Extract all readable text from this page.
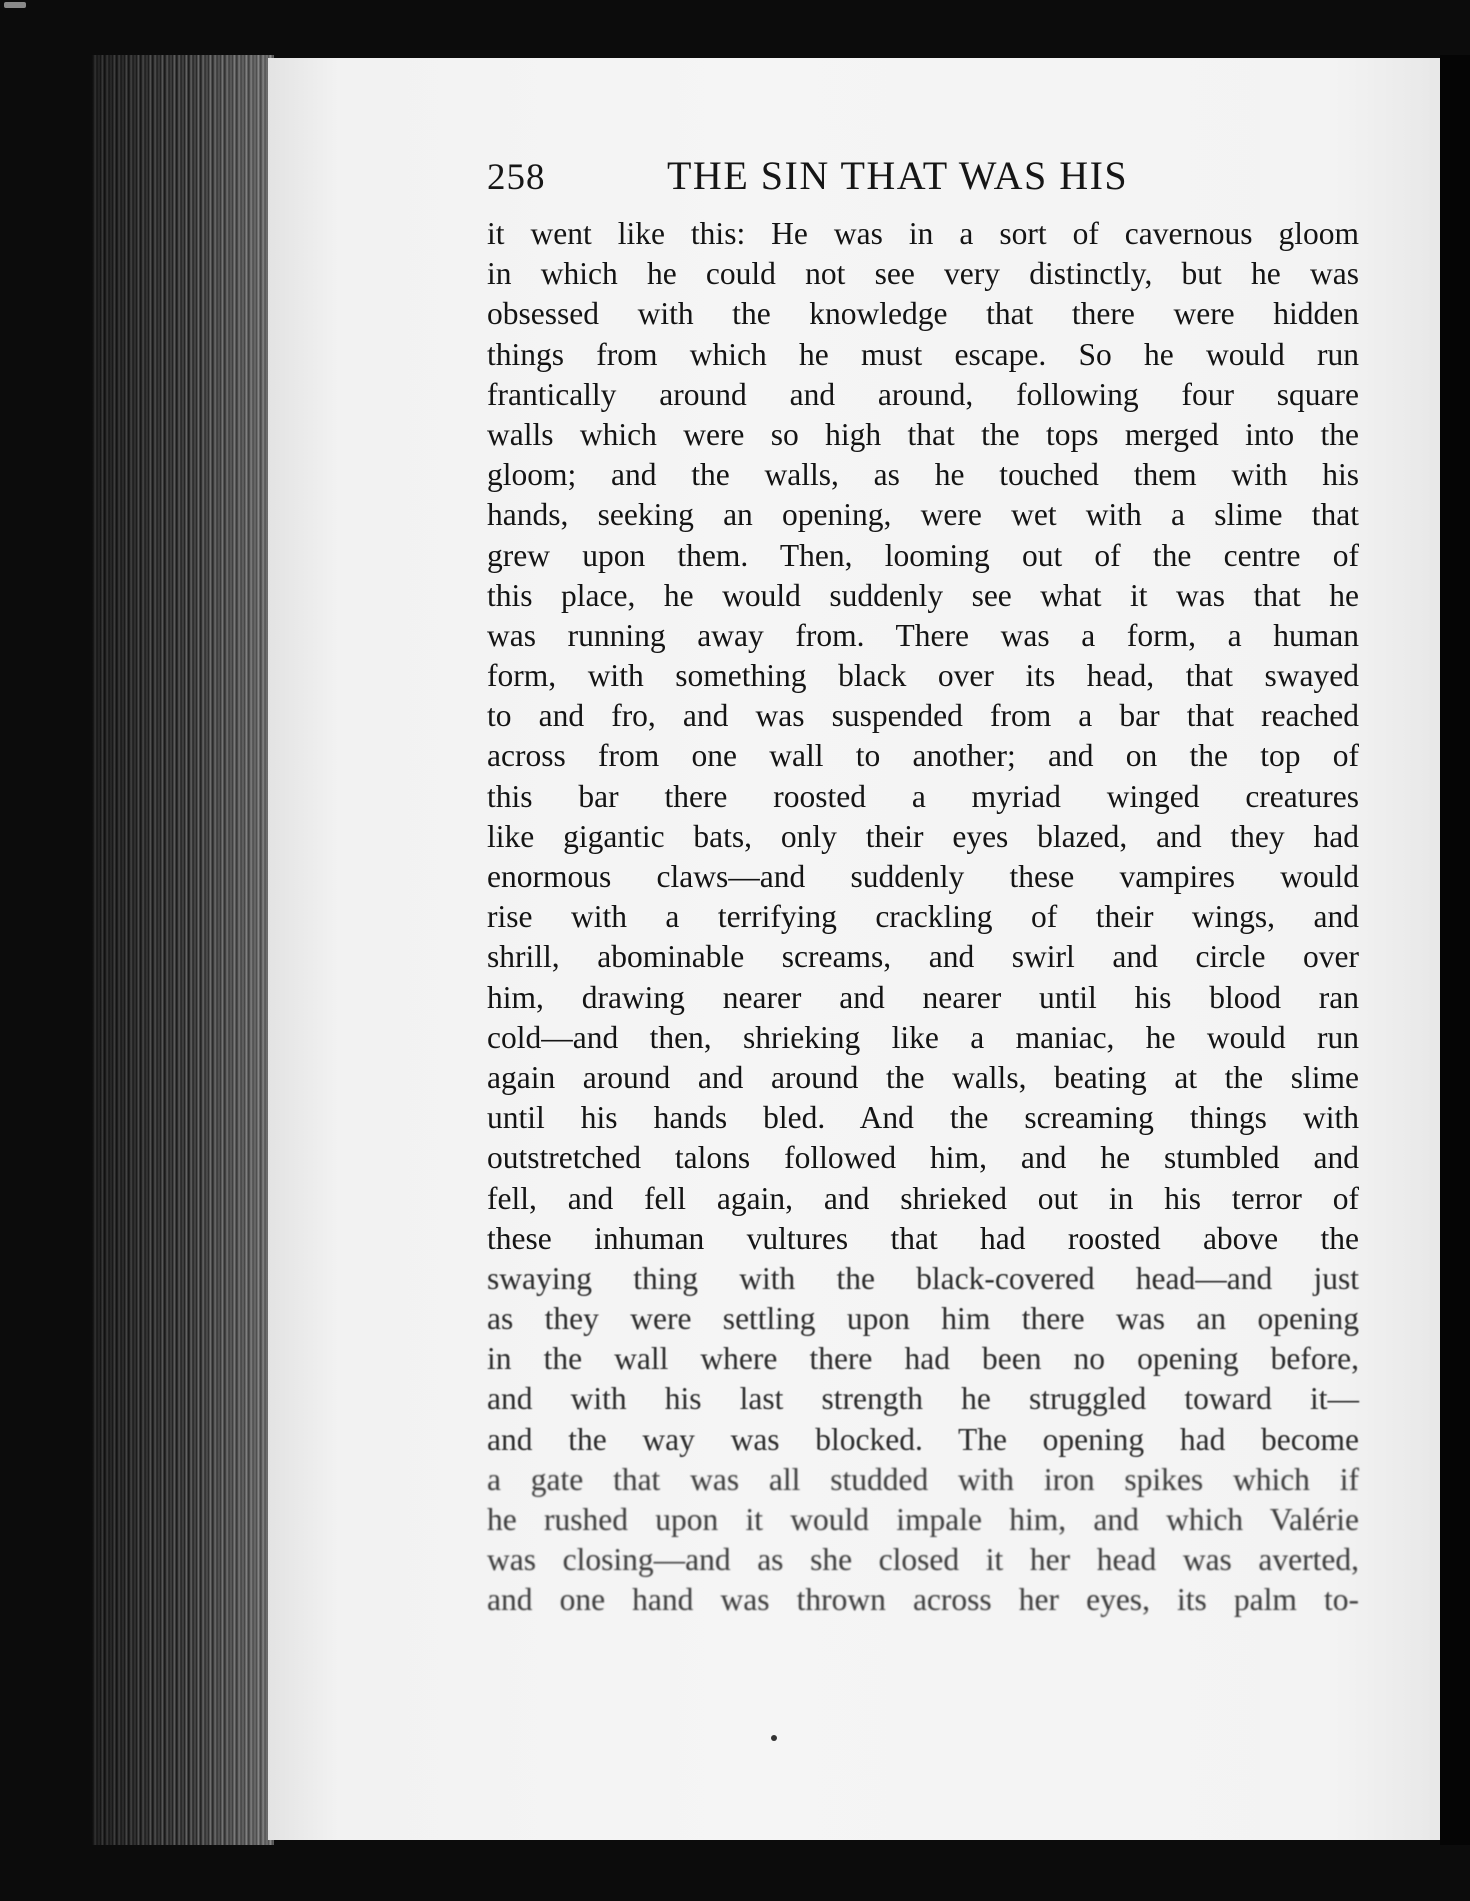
258	THE SIN THAT WAS HIS
it went like this: He was in a sort of cavernous gloom
in which he could not see very distinctly, but he was
obsessed with the knowledge that there were hidden
things from which he must escape. So he would run
frantically around and around, following four square
walls which were so high that the tops merged into the
gloom; and the walls, as he touched them with his
hands, seeking an opening, were wet with a slime that
grew upon them. Then, looming out of the centre of
this place, he would suddenly see what it was that he
was running away from. There was a form, a human
form, with something black over its head, that swayed
to and fro, and was suspended from a bar that reached
across from one wall to another; and on the top of
this bar there roosted a myriad winged creatures
like gigantic bats, only their eyes blazed, and they had
enormous claws—and suddenly these vampires would
rise with a terrifying crackling of their wings, and
shrill, abominable screams, and swirl and circle over
him, drawing nearer and nearer until his blood ran
cold—and then, shrieking like a maniac, he would run
again around and around the walls, beating at the slime
until his hands bled. And the screaming things with
outstretched talons followed him, and he stumbled and
fell, and fell again, and shrieked out in his terror of
these inhuman vultures that had roosted above the
swaying thing with the black-covered head—and just
as they were settling upon him there was an opening
in the wall where there had been no opening before,
and with his last strength he struggled toward it—
and the way was blocked. The opening had become
a gate that was all studded with iron spikes which if
he rushed upon it would impale him, and which Valérie
was closing—and as she closed it her head was averted,
and one hand was thrown across her eyes, its palm to-
